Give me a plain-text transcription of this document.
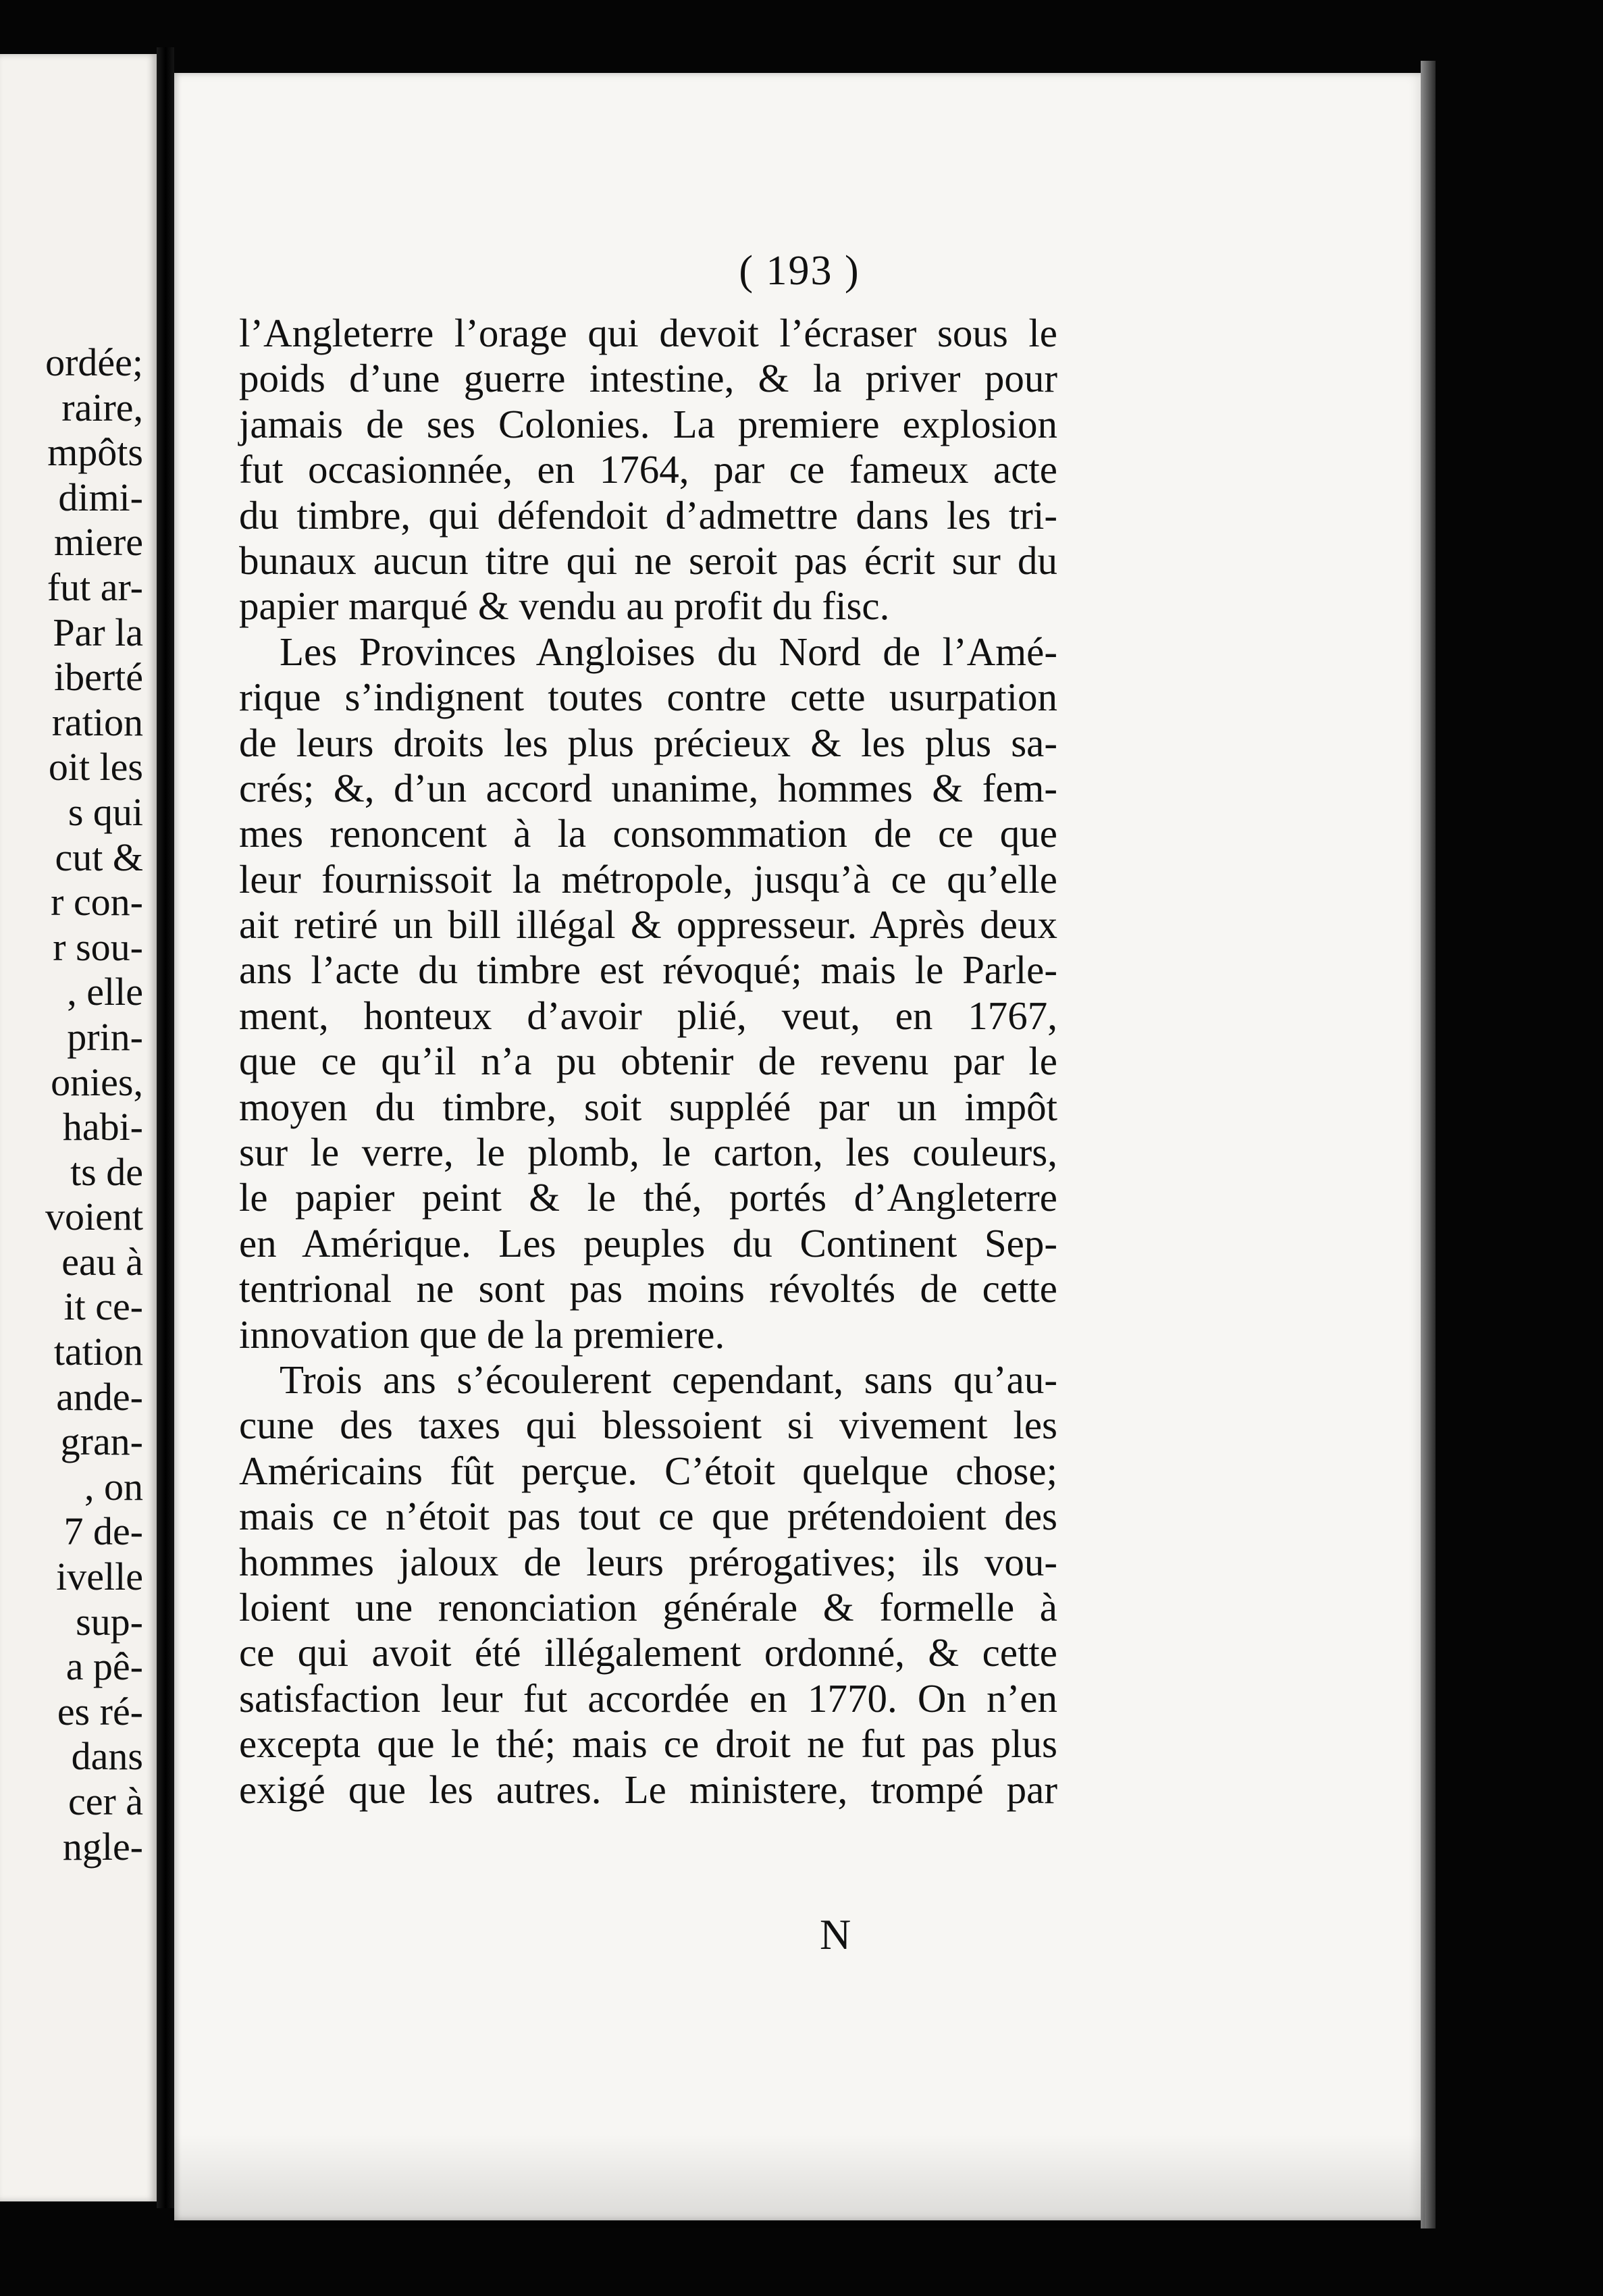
ordée;
raire,
mpôts
dimi-
miere
fut ar-
Par la
iberté
ration
oit les
s qui
cut &
r con-
r sou-
, elle
prin-
onies,
habi-
ts de
voient
eau à
it ce-
tation
ande-
gran-
, on
7 de-
ivelle
sup-
a pê-
es ré-
dans
cer à
ngle-
( 193 )
l’Angleterre l’orage qui devoit l’écraser sous le
poids d’une guerre intestine, & la priver pour
jamais de ses Colonies. La premiere explosion
fut occasionnée, en 1764, par ce fameux acte
du timbre, qui défendoit d’admettre dans les tri-
bunaux aucun titre qui ne seroit pas écrit sur du
papier marqué & vendu au profit du fisc.
Les Provinces Angloises du Nord de l’Amé-
rique s’indignent toutes contre cette usurpation
de leurs droits les plus précieux & les plus sa-
crés; &, d’un accord unanime, hommes & fem-
mes renoncent à la consommation de ce que
leur fournissoit la métropole, jusqu’à ce qu’elle
ait retiré un bill illégal & oppresseur. Après deux
ans l’acte du timbre est révoqué; mais le Parle-
ment, honteux d’avoir plié, veut, en 1767,
que ce qu’il n’a pu obtenir de revenu par le
moyen du timbre, soit suppléé par un impôt
sur le verre, le plomb, le carton, les couleurs,
le papier peint & le thé, portés d’Angleterre
en Amérique. Les peuples du Continent Sep-
tentrional ne sont pas moins révoltés de cette
innovation que de la premiere.
Trois ans s’écoulerent cependant, sans qu’au-
cune des taxes qui blessoient si vivement les
Américains fût perçue. C’étoit quelque chose;
mais ce n’étoit pas tout ce que prétendoient des
hommes jaloux de leurs prérogatives; ils vou-
loient une renonciation générale & formelle à
ce qui avoit été illégalement ordonné, & cette
satisfaction leur fut accordée en 1770. On n’en
excepta que le thé; mais ce droit ne fut pas plus
exigé que les autres. Le ministere, trompé par
N
